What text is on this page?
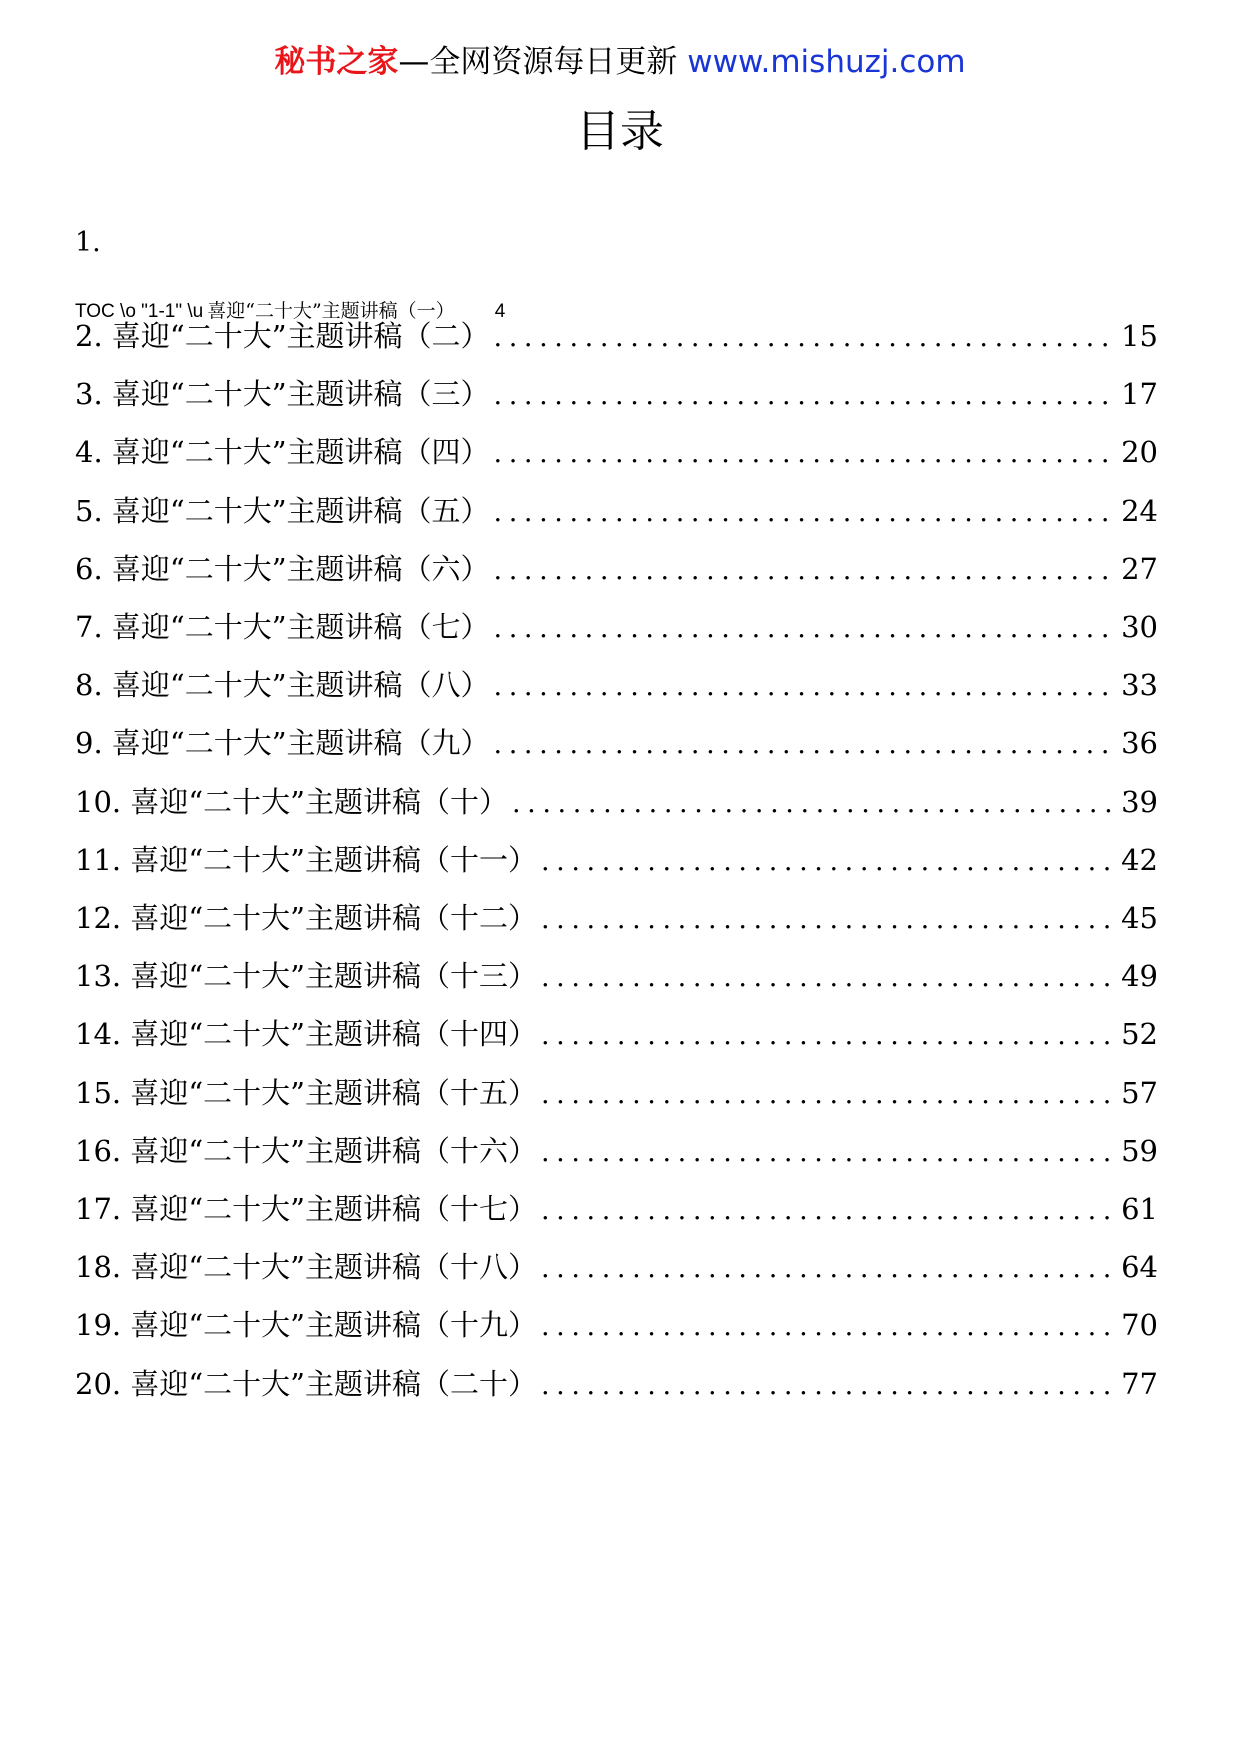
秘书之家—全网资源每日更新 www.mishuzj.com
目录
1.
TOC \o "1-1" \u 喜迎“二十大”主题讲稿（一） 4
2. 喜迎“二十大”主题讲稿（二） .....	15
3. 喜迎“二十大”主题讲稿（三） .....	17
4. 喜迎“二十大”主题讲稿（四） .....	20
5. 喜迎“二十大”主题讲稿（五） .....	24
6. 喜迎“二十大”主题讲稿（六） .....	27
7. 喜迎“二十大”主题讲稿（七） .....	30
8. 喜迎“二十大”主题讲稿（八） .....	33
9. 喜迎“二十大”主题讲稿（九） .....	36
10. 喜迎“二十大”主题讲稿（十） .....	39
11. 喜迎“二十大”主题讲稿（十一） .....	42
12. 喜迎“二十大”主题讲稿（十二） .....	45
13. 喜迎“二十大”主题讲稿（十三） .....	49
14. 喜迎“二十大”主题讲稿（十四） .....	52
15. 喜迎“二十大”主题讲稿（十五） .....	57
16. 喜迎“二十大”主题讲稿（十六） .....	59
17. 喜迎“二十大”主题讲稿（十七） .....	61
18. 喜迎“二十大”主题讲稿（十八） .....	64
19. 喜迎“二十大”主题讲稿（十九） .....	70
20. 喜迎“二十大”主题讲稿（二十） .....	77
